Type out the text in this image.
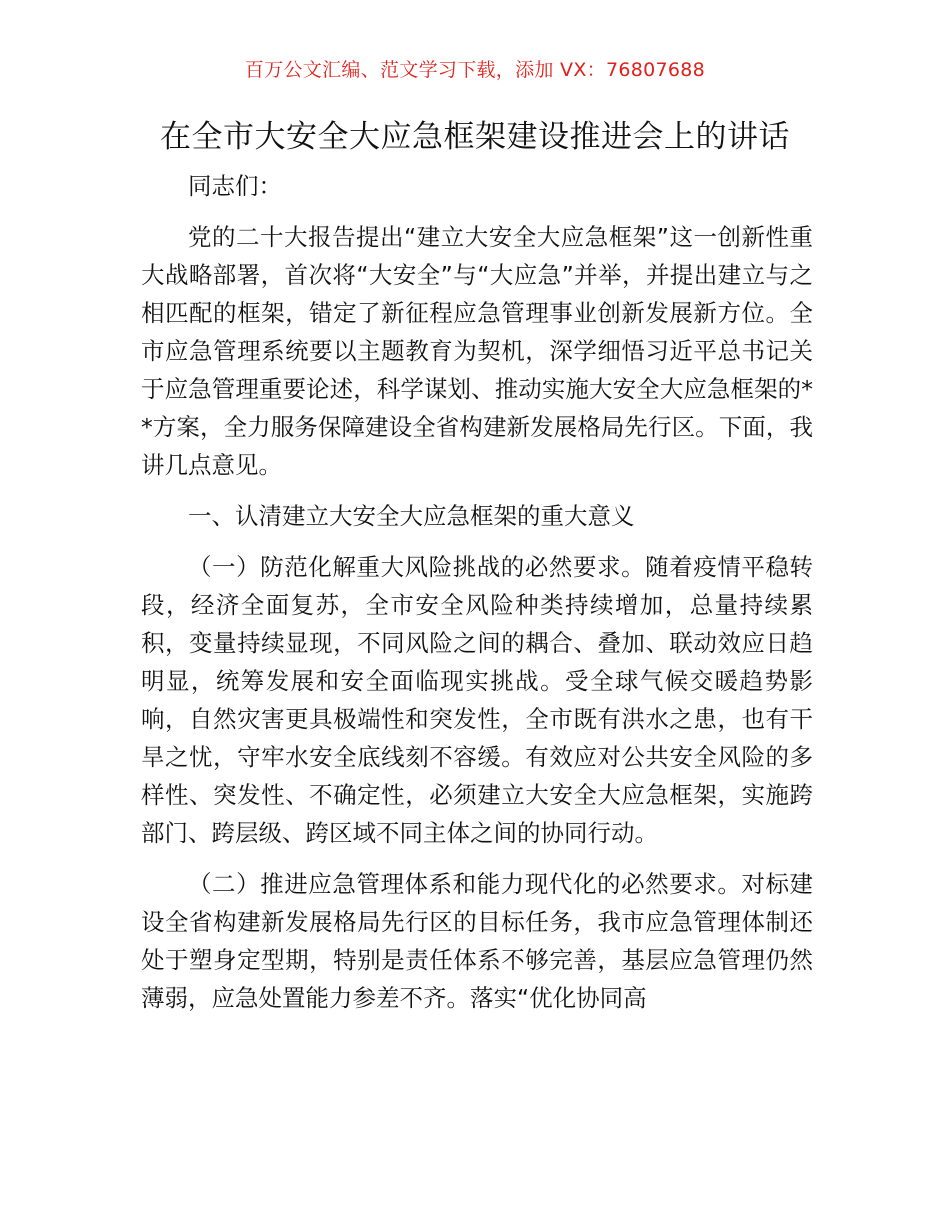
百万公文汇编、范文学习下载，添加 VX：76807688
在全市大安全大应急框架建设推进会上的讲话

同志们：

党的二十大报告提出“建立大安全大应急框架”这一创新性重大战略部署，首次将“大安全”与“大应急”并举，并提出建立与之相匹配的框架，错定了新征程应急管理事业创新发展新方位。全市应急管理系统要以主题教育为契机，深学细悟习近平总书记关于应急管理重要论述，科学谋划、推动实施大安全大应急框架的**方案，全力服务保障建设全省构建新发展格局先行区。下面，我讲几点意见。

一、认清建立大安全大应急框架的重大意义

（一）防范化解重大风险挑战的必然要求。随着疫情平稳转段，经济全面复苏，全市安全风险种类持续增加，总量持续累积，变量持续显现，不同风险之间的耦合、叠加、联动效应日趋明显，统筹发展和安全面临现实挑战。受全球气候交暖趋势影响，自然灾害更具极端性和突发性，全市既有洪水之患，也有干旱之忧，守牢水安全底线刻不容缓。有效应对公共安全风险的多样性、突发性、不确定性，必须建立大安全大应急框架，实施跨部门、跨层级、跨区域不同主体之间的协同行动。

（二）推进应急管理体系和能力现代化的必然要求。对标建设全省构建新发展格局先行区的目标任务，我市应急管理体制还处于塑身定型期，特别是责任体系不够完善，基层应急管理仍然薄弱，应急处置能力参差不齐。落实“优化协同高
